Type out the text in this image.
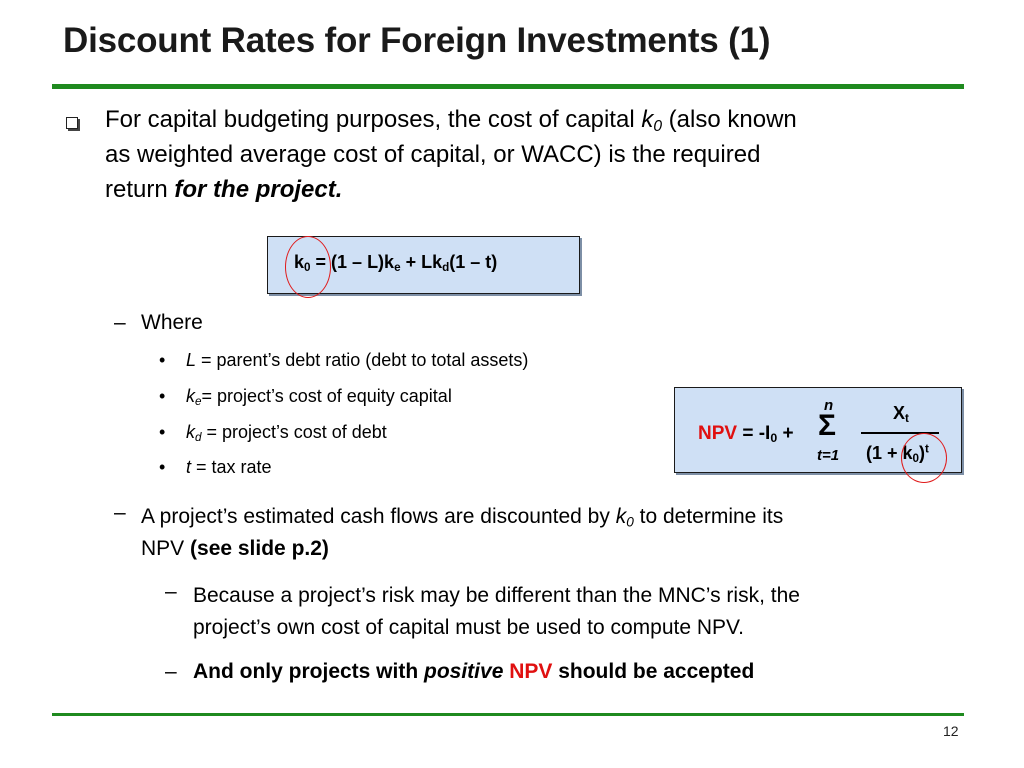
Discount Rates for Foreign Investments (1)
For capital budgeting purposes, the cost of capital $k_0$ (also known
as weighted average cost of capital, or WACC) is the required
return for the project.
$k_0 = (1 - L)k_e + Lk_d(1 - t)$
– Where
• L = parent’s debt ratio (debt to total assets)
• $k_e=$ project’s cost of equity capital
• $k_d$ = project’s cost of debt
• t = tax rate
NPV = $-I_0$ +
n
Σ
t=1
$X_t$
$(1 + k_0)^t$
– A project’s estimated cash flows are discounted by $k_0$ to determine its
NPV (see slide p.2)
– Because a project’s risk may be different than the MNC’s risk, the
project’s own cost of capital must be used to compute NPV.
– And only projects with positive NPV should be accepted
12
